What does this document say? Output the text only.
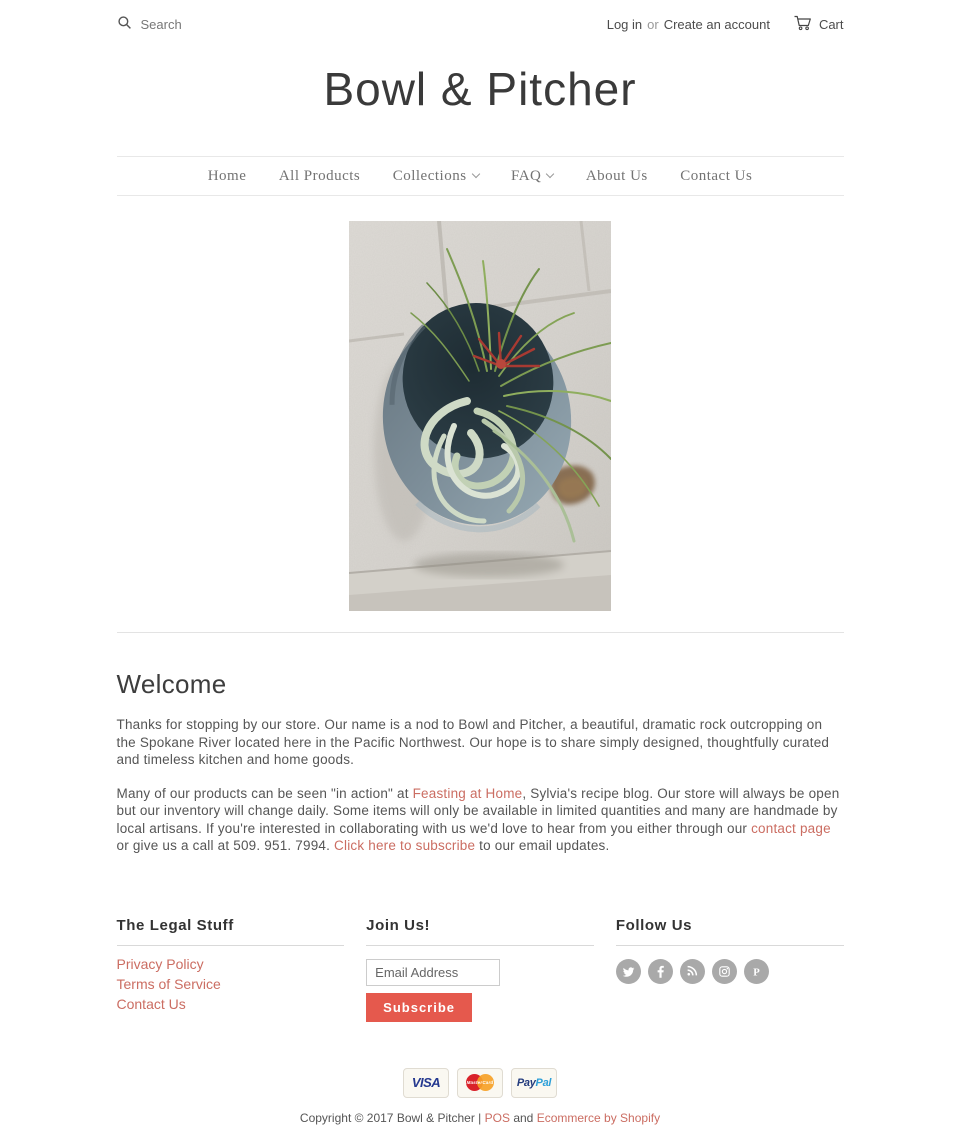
Search
Log in or Create an account	Cart
Bowl & Pitcher
Home All Products Collections	FAQ	About Us Contact Us
Welcome

Thanks for stopping by our store. Our name is a nod to Bowl and Pitcher, a beautiful, dramatic rock outcropping on the Spokane River located here in the Pacific Northwest. Our hope is to share simply designed, thoughtfully curated and timeless kitchen and home goods.

Many of our products can be seen "in action" at Feasting at Home, Sylvia's recipe blog. Our store will always be open but our inventory will change daily. Some items will only be available in limited quantities and many are handmade by local artisans. If you're interested in collaborating with us we'd love to hear from you either through our contact page or give us a call at 509. 951. 7994. Click here to subscribe to our email updates.

The Legal Stuff
Privacy Policy
Terms of Service
Contact Us
Join Us!
Email Address
Subscribe
Follow Us
P
VISA	MasterCard PayPal
Copyright © 2017 Bowl & Pitcher | POS and Ecommerce by Shopify
